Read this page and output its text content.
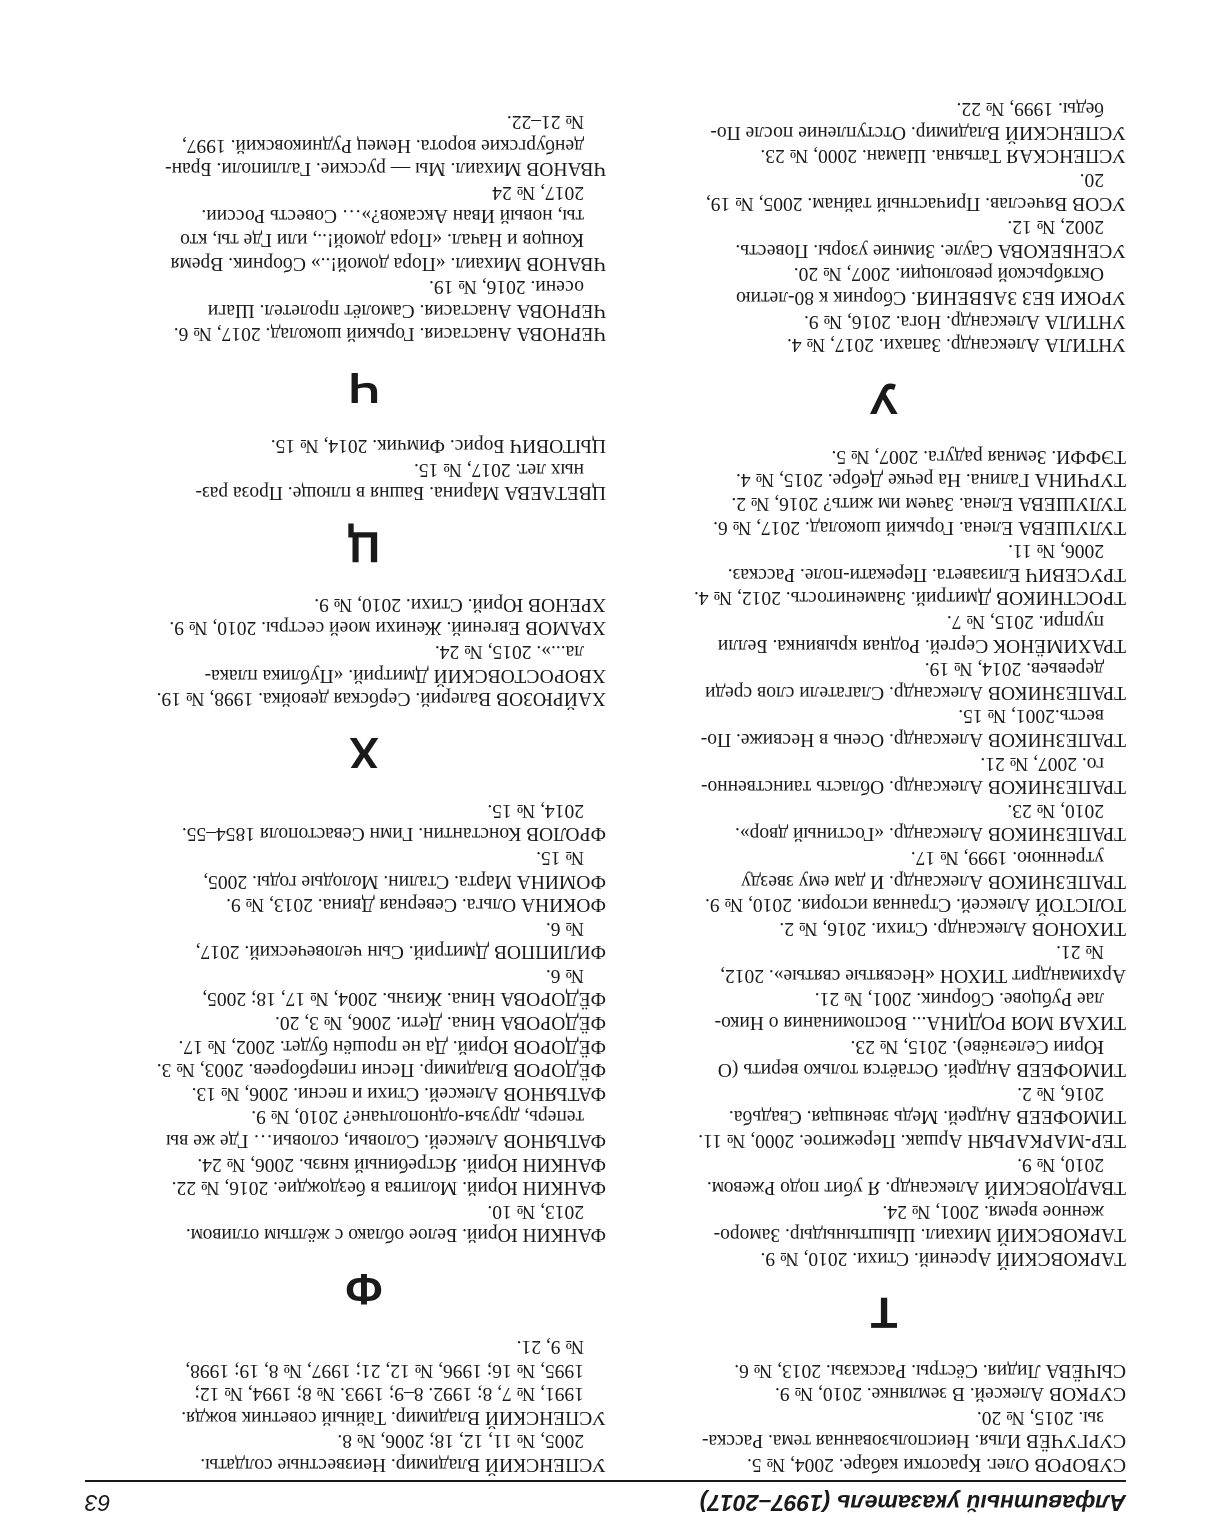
Алфавитный указатель (1997–2017)
63
СУВОРОВ Олег. Красотки кабаре. 2004, № 5.
СУРГУЧЁВ Илья. Неиспользованная тема. Расска-
зы. 2015, № 20.
СУРКОВ Алексей. В землянке. 2010, № 9.
СЫЧЁВА Лидия. Сёстры. Рассказы. 2013, № 6.
Т
ТАРКОВСКИЙ Арсений. Стихи. 2010, № 9.
ТАРКОВСКИЙ Михаил. Шыштыныдыр. Заморо-
женное время. 2001, № 24.
ТВАРДОВСКИЙ Александр. Я убит подо Ржевом.
2010, № 9.
ТЕР-МАРКАРЬЯН Аршак. Пережитое. 2000, № 11.
ТИМОФЕЕВ Андрей. Медь звенящая. Свадьба.
2016, № 2.
ТИМОФЕЕВ Андрей. Остаётся только верить (О
Юрии Селезнёве). 2015, № 23.
ТИХАЯ МОЯ РОДИНА... Воспоминания о Нико-
лае Рубцове. Сборник. 2001, № 21.
Архимандрит ТИХОН «Несвятые святые». 2012,
№ 21.
ТИХОНОВ Александр. Стихи. 2016, № 2.
ТОЛСТОЙ Алексей. Странная история. 2010, № 9.
ТРАПЕЗНИКОВ Александр. И дам ему звезду
утреннюю. 1999, № 17.
ТРАПЕЗНИКОВ Александр. «Гостиный двор».
2010, № 23.
ТРАПЕЗНИКОВ Александр. Область таинственно-
го. 2007, № 21.
ТРАПЕЗНИКОВ Александр. Осень в Несвиже. По-
весть.2001, № 15.
ТРАПЕЗНИКОВ Александр. Слагатели слов среди
деревьев. 2014, № 19.
ТРАХИМЁНОК Сергей. Родная крывинка. Белли
пурпри. 2015, № 7.
ТРОСТНИКОВ Дмитрий. Знаменитость. 2012, № 4.
ТРУСЕВИЧ Елизавета. Перекати-поле. Рассказ.
2006, № 11.
ТУЛУШЕВА Елена. Горький шоколад. 2017, № 6.
ТУЛУШЕВА Елена. Зачем им жить? 2016, № 2.
ТУРЧИНА Галина. На речке Дебре. 2015, № 4.
ТЭФФИ. Земная радуга. 2007, № 5.
У
УНТИЛА Александр. Запахи. 2017, № 4.
УНТИЛА Александр. Нога. 2016, № 9.
УРОКИ БЕЗ ЗАБВЕНИЯ. Сборник к 80-летию
Октябрьской революции. 2007, № 20.
УСЕНБЕКОВА Сауле. Зимние узоры. Повесть.
2002, № 12.
УСОВ Вячеслав. Причастный тайнам. 2005, № 19,
20.
УСПЕНСКАЯ Татьяна. Шаман. 2000, № 23.
УСПЕНСКИЙ Владимир. Отступление после По-
беды. 1999, № 22.
УСПЕНСКИЙ Владимир. Неизвестные солдаты.
2005, № 11, 12, 18; 2006, № 8.
УСПЕНСКИЙ Владимир. Тайный советник вождя.
1991, № 7, 8; 1992. 8–9; 1993. № 8; 1994, № 12;
1995, № 16; 1996, № 12, 21; 1997, № 8, 19; 1998,
№ 9, 21.
Ф
ФАНКИН Юрий. Белое облако с жёлтым отливом.
2013, № 10.
ФАНКИН Юрий. Молитва в бездождие. 2016, № 22.
ФАНКИН Юрий. Ястребиный князь. 2006, № 24.
ФАТЬЯНОВ Алексей. Соловьи, соловьи… Где же вы
теперь, друзья-однополчане? 2010, № 9.
ФАТЬЯНОВ Алексей. Стихи и песни. 2006, № 13.
ФЁДОРОВ Владимир. Песни гипербореев. 2003, № 3.
ФЁДОРОВ Юрий. Да не прошён будет. 2002, № 17.
ФЁДОРОВА Нина. Дети. 2006, № 3, 20.
ФЁДОРОВА Нина. Жизнь. 2004, № 17, 18; 2005,
№ 6.
ФИЛИППОВ Дмитрий. Сын человеческий. 2017,
№ 6.
ФОКИНА Ольга. Северная Двина. 2013, № 9.
ФОМИНА Марта. Сталин. Молодые годы. 2005,
№ 15.
ФРОЛОВ Константин. Гимн Севастополя 1854–55.
2014, № 15.
Х
ХАЙРЮЗОВ Валерий. Сербская девойка. 1998, № 19.
ХВОРОСТОВСКИЙ Дмитрий. «Публика плака-
ла...». 2015, № 24.
ХРАМОВ Евгений. Женихи моей сестры. 2010, № 9.
ХРЕНОВ Юрий. Стихи. 2010, № 9.
Ц
ЦВЕТАЕВА Марина. Башня в плюще. Проза раз-
ных лет. 2017, № 15.
ЦЫТОВИЧ Борис. Фимчик. 2014, № 15.
Ч
ЧЕРНОВА Анастасия. Горький шоколад. 2017, № 6.
ЧЕРНОВА Анастасия. Самолёт пролетел. Шаги
осени. 2016, № 19.
ЧВАНОВ Михаил. «Пора домой!..» Сборник. Время
Концов и Начал. «Пора домой!.., или Где ты, кто
ты, новый Иван Аксаков?»… Совесть России.
2017, № 24
ЧВАНОВ Михаил. Мы — русские. Галлиполи. Бран-
денбургские ворота. Немец Рудниковский. 1997,
№ 21–22.
